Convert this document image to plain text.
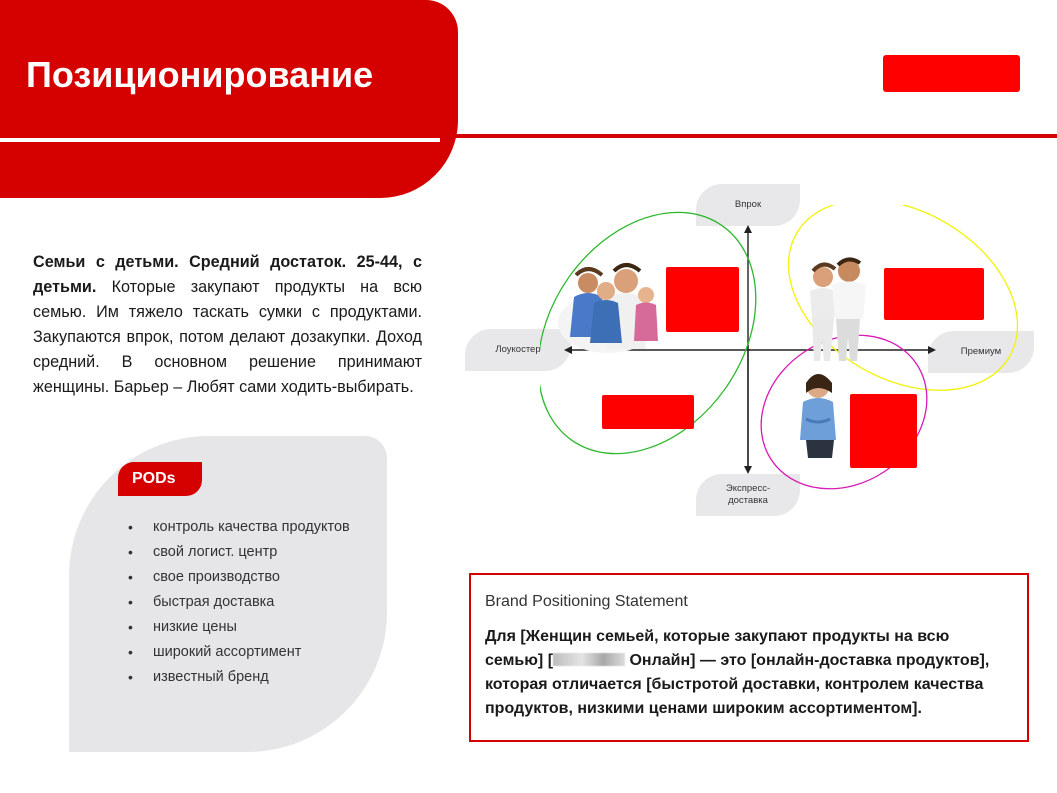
Позиционирование

Семьи с детьми. Средний достаток. 25-44, с детьми. Которые закупают продукты на всю семью. Им тяжело таскать сумки с продуктами. Закупаются впрок, потом делают дозакупки. Доход средний. В основном решение принимают женщины. Барьер – Любят сами ходить-выбирать.

PODs
• контроль качества продуктов
• свой логист. центр
• свое производство
• быстрая доставка
• низкие цены
• широкий ассортимент
• известный бренд
Впрок
Лоукостер	Премиум
Экспресс-
доставка
Brand Positioning Statement

Для [Женщин семьей, которые закупают продукты на всю семью] [	Онлайн] — это [онлайн-доставка продуктов], которая отличается [быстротой доставки, контролем качества продуктов, низкими ценами широким ассортиментом].
